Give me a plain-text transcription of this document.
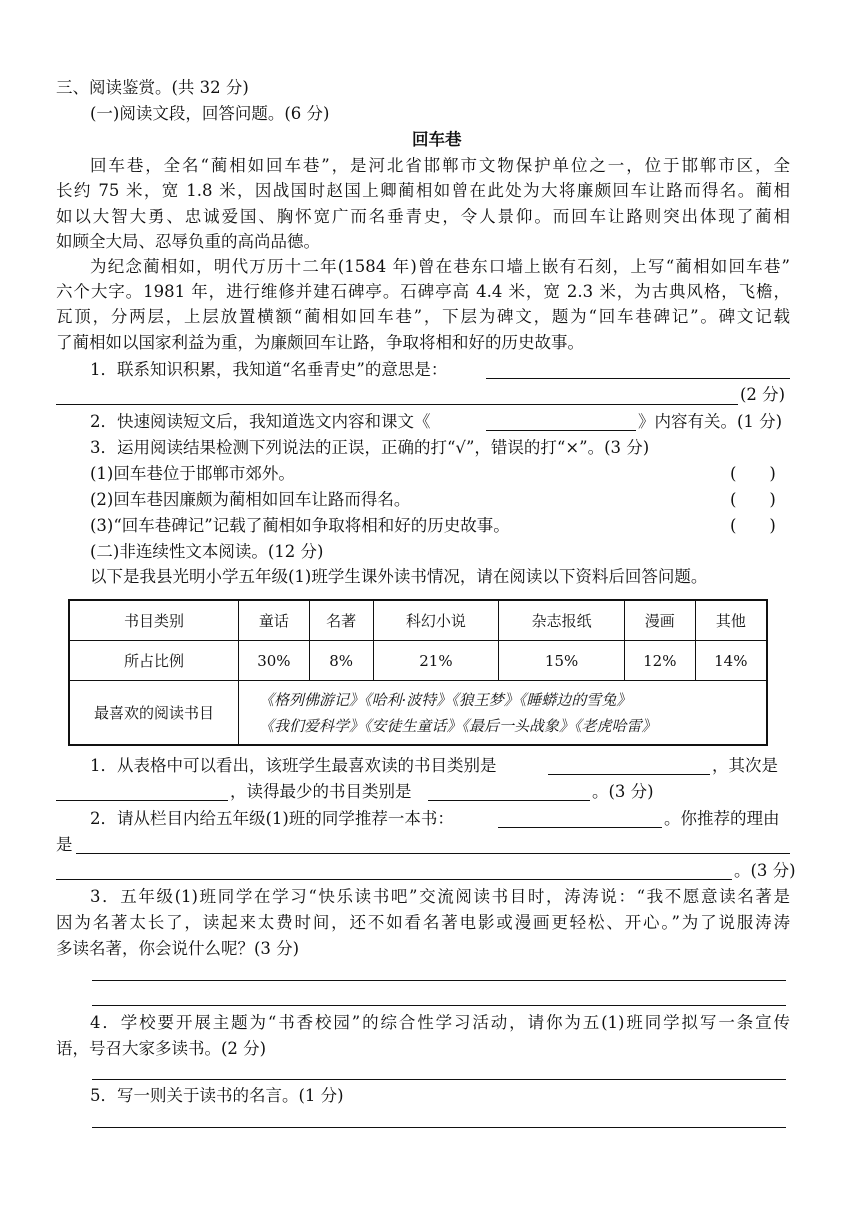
三、阅读鉴赏。(共 32 分)
(一)阅读文段，回答问题。(6 分)
回车巷
回车巷，全名“蔺相如回车巷”，是河北省邯郸市文物保护单位之一，位于邯郸市区，全
长约 75 米，宽 1.8 米，因战国时赵国上卿蔺相如曾在此处为大将廉颇回车让路而得名。蔺相
如以大智大勇、忠诚爱国、胸怀宽广而名垂青史，令人景仰。而回车让路则突出体现了蔺相
如顾全大局、忍辱负重的高尚品德。
为纪念蔺相如，明代万历十二年(1584 年)曾在巷东口墙上嵌有石刻，上写“蔺相如回车巷”
六个大字。1981 年，进行维修并建石碑亭。石碑亭高 4.4 米，宽 2.3 米，为古典风格，飞檐，
瓦顶，分两层，上层放置横额“蔺相如回车巷”，下层为碑文，题为“回车巷碑记”。碑文记载
了蔺相如以国家利益为重，为廉颇回车让路，争取将相和好的历史故事。
1．联系知识积累，我知道“名垂青史”的意思是：
(2 分)
2．快速阅读短文后，我知道选文内容和课文《	》内容有关。(1 分)
3．运用阅读结果检测下列说法的正误，正确的打“√”，错误的打“×”。(3 分)
(1)回车巷位于邯郸市郊外。	(　　)
(2)回车巷因廉颇为蔺相如回车让路而得名。	(　　)
(3)“回车巷碑记”记载了蔺相如争取将相和好的历史故事。	(　　)
(二)非连续性文本阅读。(12 分)
以下是我县光明小学五年级(1)班学生课外读书情况，请在阅读以下资料后回答问题。
书目类别	童话	名著	科幻小说	杂志报纸	漫画	其他
所占比例	30%	8%	21%	15%	12%	14%
最喜欢的阅读书目	《格列佛游记》《哈利·波特》《狼王梦》《睡蟒边的雪兔》
《我们爱科学》《安徒生童话》《最后一头战象》《老虎哈雷》					
1．从表格中可以看出，该班学生最喜欢读的书目类别是	，其次是
，读得最少的书目类别是	。(3 分)
2．请从栏目内给五年级(1)班的同学推荐一本书：	。你推荐的理由
是
。(3 分)
3．五年级(1)班同学在学习“快乐读书吧”交流阅读书目时，涛涛说：“我不愿意读名著是
因为名著太长了，读起来太费时间，还不如看名著电影或漫画更轻松、开心。”为了说服涛涛
多读名著，你会说什么呢？(3 分)
4．学校要开展主题为“书香校园”的综合性学习活动，请你为五(1)班同学拟写一条宣传
语，号召大家多读书。(2 分)
5．写一则关于读书的名言。(1 分)
